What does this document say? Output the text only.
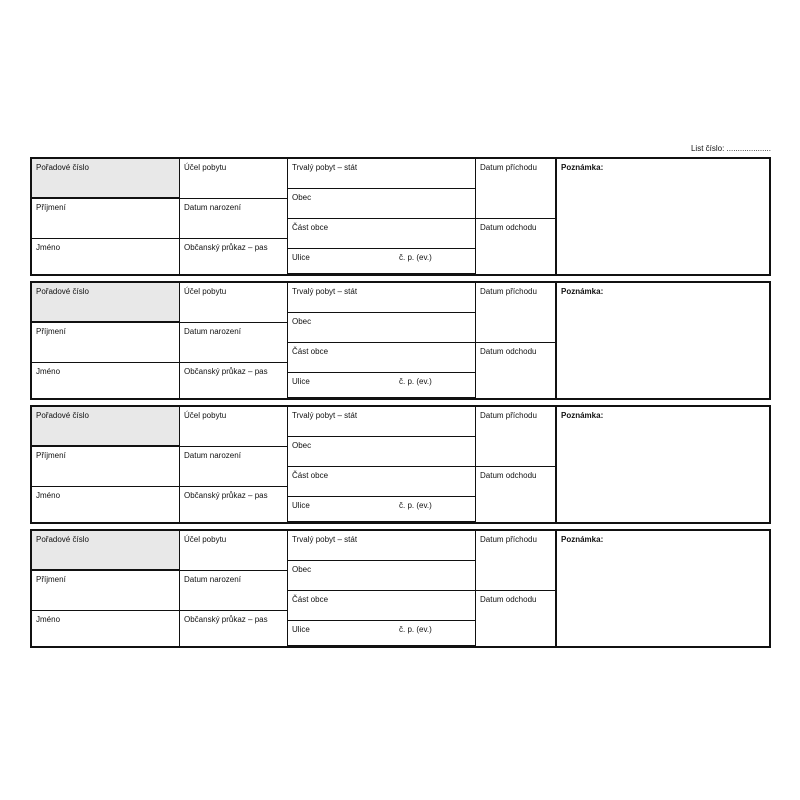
List číslo: ....................
Pořadové číslo
Příjmení
Jméno
Účel pobytu
Datum narození
Občanský průkaz – pas
Trvalý pobyt – stát
Obec
Část obce
Ulice	č. p. (ev.)
Datum příchodu
Datum odchodu
Poznámka:
Pořadové číslo
Příjmení
Jméno
Účel pobytu
Datum narození
Občanský průkaz – pas
Trvalý pobyt – stát
Obec
Část obce
Ulice	č. p. (ev.)
Datum příchodu
Datum odchodu
Poznámka:
Pořadové číslo
Příjmení
Jméno
Účel pobytu
Datum narození
Občanský průkaz – pas
Trvalý pobyt – stát
Obec
Část obce
Ulice	č. p. (ev.)
Datum příchodu
Datum odchodu
Poznámka:
Pořadové číslo
Příjmení
Jméno
Účel pobytu
Datum narození
Občanský průkaz – pas
Trvalý pobyt – stát
Obec
Část obce
Ulice	č. p. (ev.)
Datum příchodu
Datum odchodu
Poznámka:
